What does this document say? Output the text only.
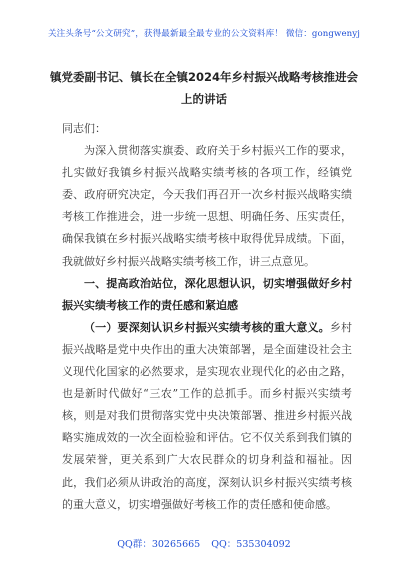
关注头条号“公文研究”，获得最新最全最专业的公文资料库！ 微信：gongwenyj
镇党委副书记、镇长在全镇2024年乡村振兴战略考核推进会上的讲话

同志们：

为深入贯彻落实旗委、政府关于乡村振兴工作的要求，扎实做好我镇乡村振兴战略实绩考核的各项工作，经镇党委、政府研究决定，今天我们再召开一次乡村振兴战略实绩考核工作推进会，进一步统一思想、明确任务、压实责任，确保我镇在乡村振兴战略实绩考核中取得优异成绩。下面，我就做好乡村振兴战略实绩考核工作，讲三点意见。

一、提高政治站位，深化思想认识，切实增强做好乡村振兴实绩考核工作的责任感和紧迫感

（一）要深刻认识乡村振兴实绩考核的重大意义。乡村振兴战略是党中央作出的重大决策部署，是全面建设社会主义现代化国家的必然要求，是实现农业现代化的必由之路，也是新时代做好“三农”工作的总抓手。而乡村振兴实绩考核，则是对我们贯彻落实党中央决策部署、推进乡村振兴战略实施成效的一次全面检验和评估。它不仅关系到我们镇的发展荣誉，更关系到广大农民群众的切身利益和福祉。因此，我们必须从讲政治的高度，深刻认识乡村振兴实绩考核的重大意义，切实增强做好考核工作的责任感和使命感。

QQ群：30265665 QQ：535304092
